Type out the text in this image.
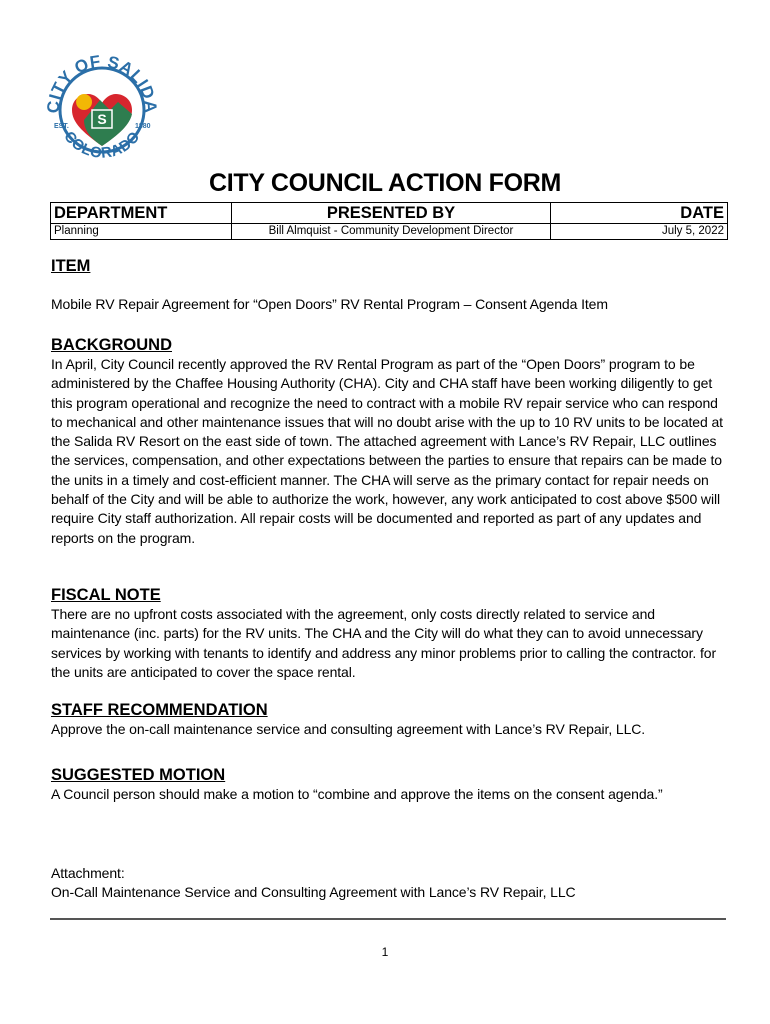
CITY OF SALIDA
COLORADO
S
EST.	1880
CITY COUNCIL ACTION FORM
DEPARTMENT	PRESENTED BY	DATE
Planning	Bill Almquist - Community Development Director	July 5, 2022
ITEM
Mobile RV Repair Agreement for “Open Doors” RV Rental Program – Consent Agenda Item
BACKGROUND
In April, City Council recently approved the RV Rental Program as part of the “Open Doors” program to be administered by the Chaffee Housing Authority (CHA). City and CHA staff have been working diligently to get this program operational and recognize the need to contract with a mobile RV repair service who can respond to mechanical and other maintenance issues that will no doubt arise with the up to 10 RV units to be located at the Salida RV Resort on the east side of town. The attached agreement with Lance’s RV Repair, LLC outlines the services, compensation, and other expectations between the parties to ensure that repairs can be made to the units in a timely and cost-efficient manner. The CHA will serve as the primary contact for repair needs on behalf of the City and will be able to authorize the work, however, any work anticipated to cost above $500 will require City staff authorization. All repair costs will be documented and reported as part of any updates and reports on the program.
FISCAL NOTE
There are no upfront costs associated with the agreement, only costs directly related to service and maintenance (inc. parts) for the RV units. The CHA and the City will do what they can to avoid unnecessary services by working with tenants to identify and address any minor problems prior to calling the contractor. for the units are anticipated to cover the space rental.
STAFF RECOMMENDATION
Approve the on-call maintenance service and consulting agreement with Lance’s RV Repair, LLC.
SUGGESTED MOTION
A Council person should make a motion to “combine and approve the items on the consent agenda.”
Attachment:
On-Call Maintenance Service and Consulting Agreement with Lance’s RV Repair, LLC
1
